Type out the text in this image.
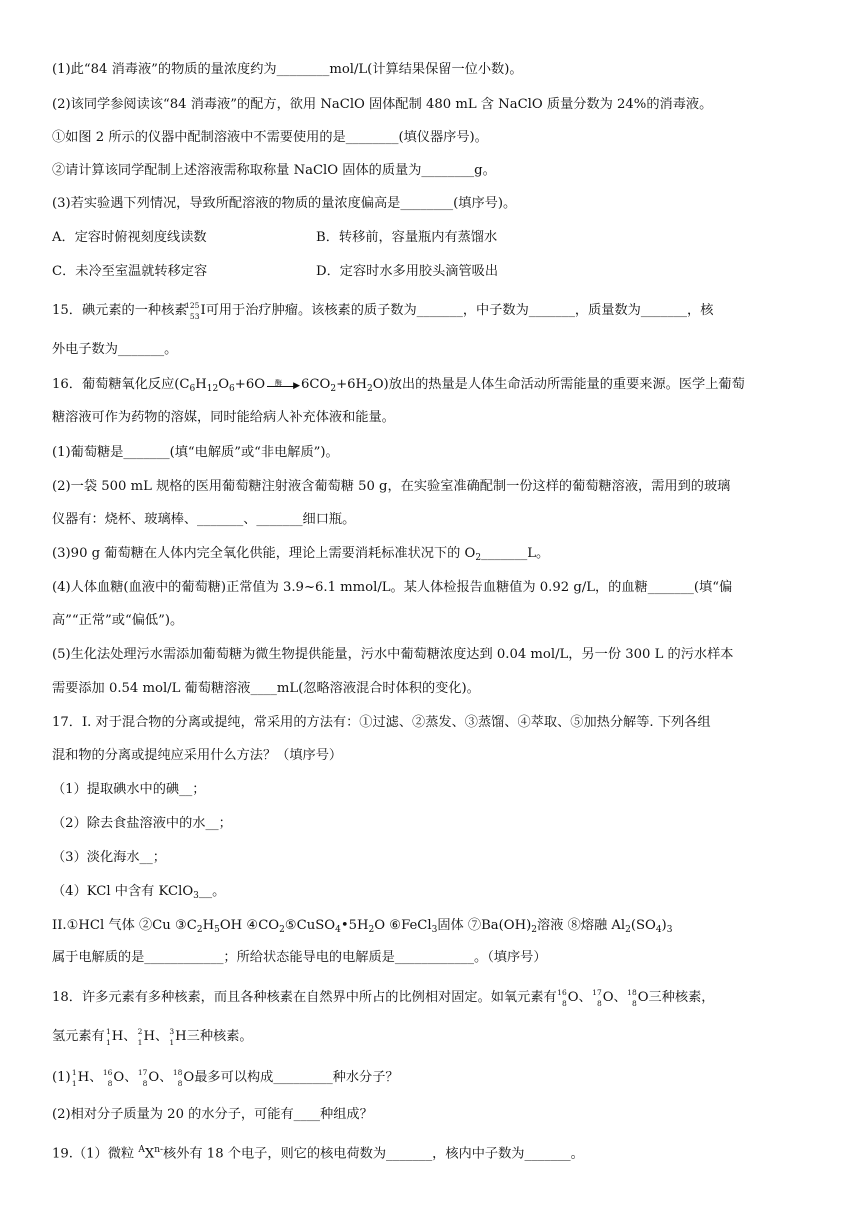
(1)此“84 消毒液”的物质的量浓度约为________mol/L(计算结果保留一位小数)。
(2)该同学参阅读该“84 消毒液”的配方，欲用 NaClO 固体配制 480 mL 含 NaClO 质量分数为 24%的消毒液。
①如图 2 所示的仪器中配制溶液中不需要使用的是________(填仪器序号)。
②请计算该同学配制上述溶液需称取称量 NaClO 固体的质量为________g。
(3)若实验遇下列情况，导致所配溶液的物质的量浓度偏高是________(填序号)。
A．定容时俯视刻度线读数	B．转移前，容量瓶内有蒸馏水
C．未冷至室温就转移定容	D．定容时水多用胶头滴管吸出
15．碘元素的一种核素
125
53 I可用于治疗肿瘤。该核素的质子数为_______，中子数为_______，质量数为_______，核
外电子数为_______。
16．葡萄糖氧化反应($C_6H_{12}O_6+6O$ 酶 ▶ $6CO_2+6H_2O$)放出的热量是人体生命活动所需能量的重要来源。医学上葡萄
糖溶液可作为药物的溶媒，同时能给病人补充体液和能量。
(1)葡萄糖是_______(填“电解质”或“非电解质”)。
(2)一袋 500 mL 规格的医用葡萄糖注射液含葡萄糖 50 g，在实验室准确配制一份这样的葡萄糖溶液，需用到的玻璃
仪器有：烧杯、玻璃棒、_______、_______细口瓶。
(3)90 g 葡萄糖在人体内完全氧化供能，理论上需要消耗标准状况下的 $O_2\_\_\_\_\_\_\_L$。
(4)人体血糖(血液中的葡萄糖)正常值为 3.9~6.1 mmol/L。某人体检报告血糖值为 0.92 g/L，的血糖_______(填“偏
高”“正常”或“偏低”)。
(5)生化法处理污水需添加葡萄糖为微生物提供能量，污水中葡萄糖浓度达到 0.04 mol/L，另一份 300 L 的污水样本
需要添加 0.54 mol/L 葡萄糖溶液____mL(忽略溶液混合时体积的变化)。
17．I. 对于混合物的分离或提纯，常采用的方法有：①过滤、②蒸发、③蒸馏、④萃取、⑤加热分解等. 下列各组
混和物的分离或提纯应采用什么方法？（填序号）
（1）提取碘水中的碘__；
（2）除去食盐溶液中的水__；
（3）淡化海水__；
（4）KCl 中含有 KClO$_3$__。
II.①HCl 气体 ②Cu $③C_2H_5OH$ $④CO_2⑤CuSO_4•5H_2O$ ⑥FeCl$_3$固体 $⑦Ba(OH)_2$溶液 ⑧熔融 $Al_2(SO_4)_3$
属于电解质的是____________；所给状态能导电的电解质是____________。（填序号）
18．许多元素有多种核素，而且各种核素在自然界中所占的比例相对固定。如氧元素有 16
8 O、 17
8 O、 18
8 O三种核素，
氢元素有 1
1 H、 2
1 H、 3
1 H三种核素。
(1) 1
1 H、 16
8 O、 17
8 O、 18
8 O最多可以构成_________种水分子？
(2)相对分子质量为 20 的水分子，可能有____种组成？
19.（1）微粒 $^AX^{n-}$核外有 18 个电子，则它的核电荷数为_______，核内中子数为_______。
